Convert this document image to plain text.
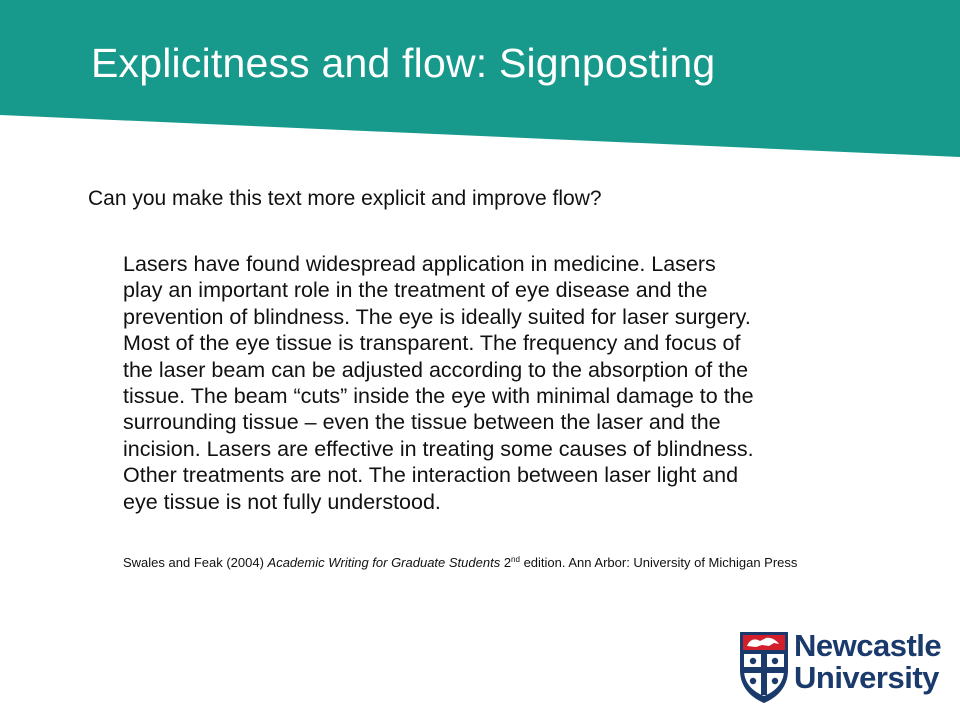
Explicitness and flow: Signposting

Can you make this text more explicit and improve flow?

Lasers have found widespread application in medicine. Lasers
play an important role in the treatment of eye disease and the
prevention of blindness. The eye is ideally suited for laser surgery.
Most of the eye tissue is transparent. The frequency and focus of
the laser beam can be adjusted according to the absorption of the
tissue. The beam “cuts” inside the eye with minimal damage to the
surrounding tissue – even the tissue between the laser and the
incision. Lasers are effective in treating some causes of blindness.
Other treatments are not. The interaction between laser light and
eye tissue is not fully understood.

Swales and Feak (2004) Academic Writing for Graduate Students 2nd edition. Ann Arbor: University of Michigan Press

Newcastle
University
